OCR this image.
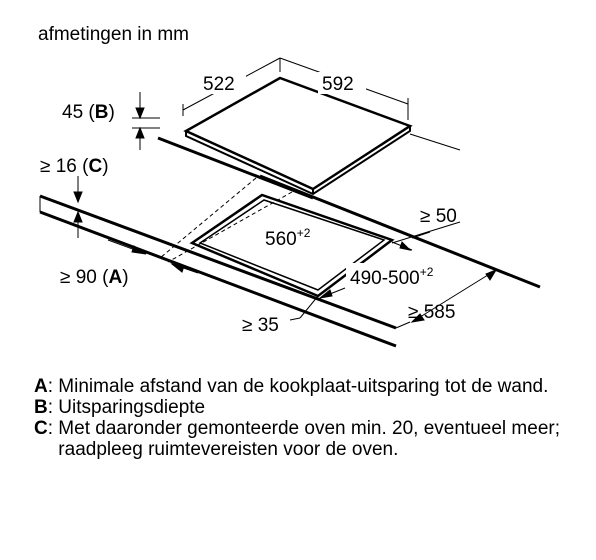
afmetingen in mm
522	592
45 (B)
≥ 16 (C)
$560^{+2}$
$490-500^{+2}$
≥ 50
≥ 90 (A)
≥ 35
≥ 585
A : Minimale afstand van de kookplaat-uitsparing tot de wand.
B : Uitsparingsdiepte
C : Met daaronder gemonteerde oven min. 20, eventueel meer; raadpleeg ruimtevereisten voor de oven.
